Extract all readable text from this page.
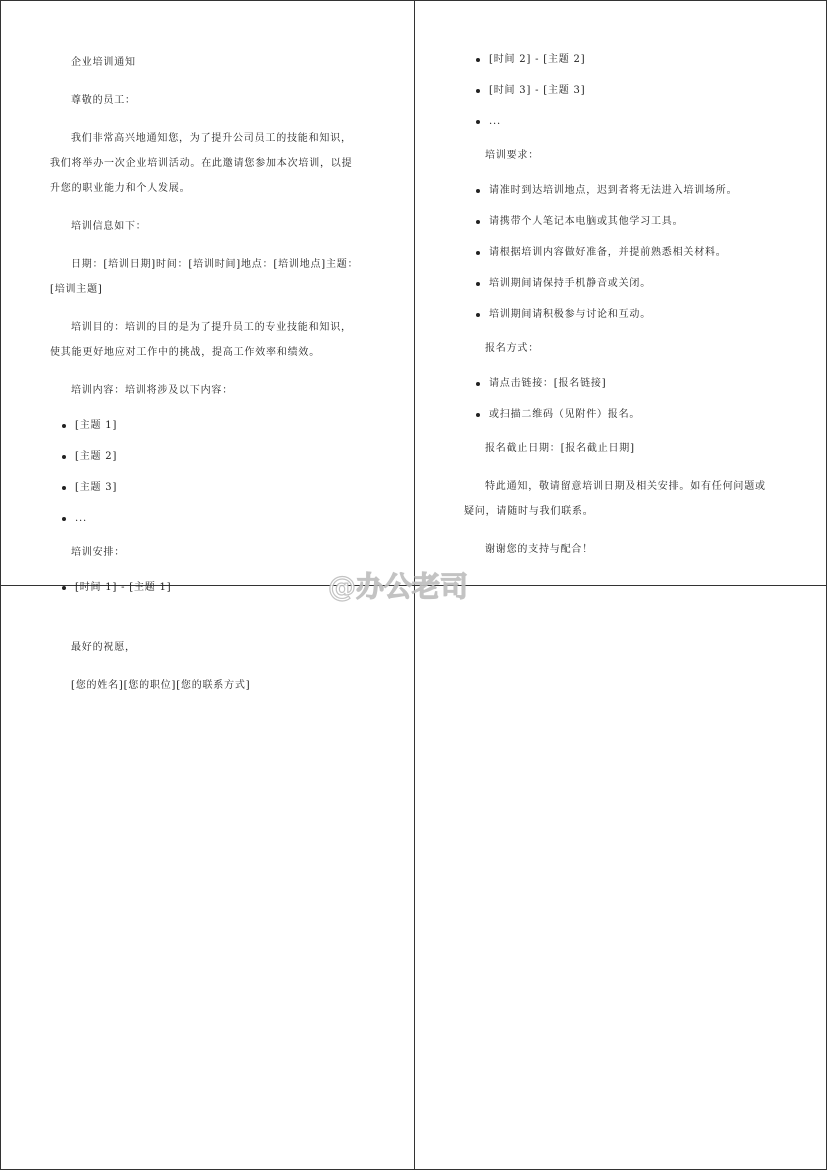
企业培训通知
尊敬的员工：
我们非常高兴地通知您，为了提升公司员工的技能和知识，我们将举办一次企业培训活动。在此邀请您参加本次培训，以提升您的职业能力和个人发展。
培训信息如下：
日期：[培训日期]时间：[培训时间]地点：[培训地点]主题：[培训主题]
培训目的：培训的目的是为了提升员工的专业技能和知识，使其能更好地应对工作中的挑战，提高工作效率和绩效。
培训内容：培训将涉及以下内容：
[主题 1]
[主题 2]
[主题 3]
...
培训安排：
[时间 1] - [主题 1]
[时间 2] - [主题 2]
[时间 3] - [主题 3]
...
培训要求：
请准时到达培训地点，迟到者将无法进入培训场所。
请携带个人笔记本电脑或其他学习工具。
请根据培训内容做好准备，并提前熟悉相关材料。
培训期间请保持手机静音或关闭。
培训期间请积极参与讨论和互动。
报名方式：
请点击链接：[报名链接]
或扫描二维码（见附件）报名。
报名截止日期：[报名截止日期]
特此通知，敬请留意培训日期及相关安排。如有任何问题或疑问，请随时与我们联系。
谢谢您的支持与配合！
最好的祝愿，
[您的姓名][您的职位][您的联系方式]
@办公老司
